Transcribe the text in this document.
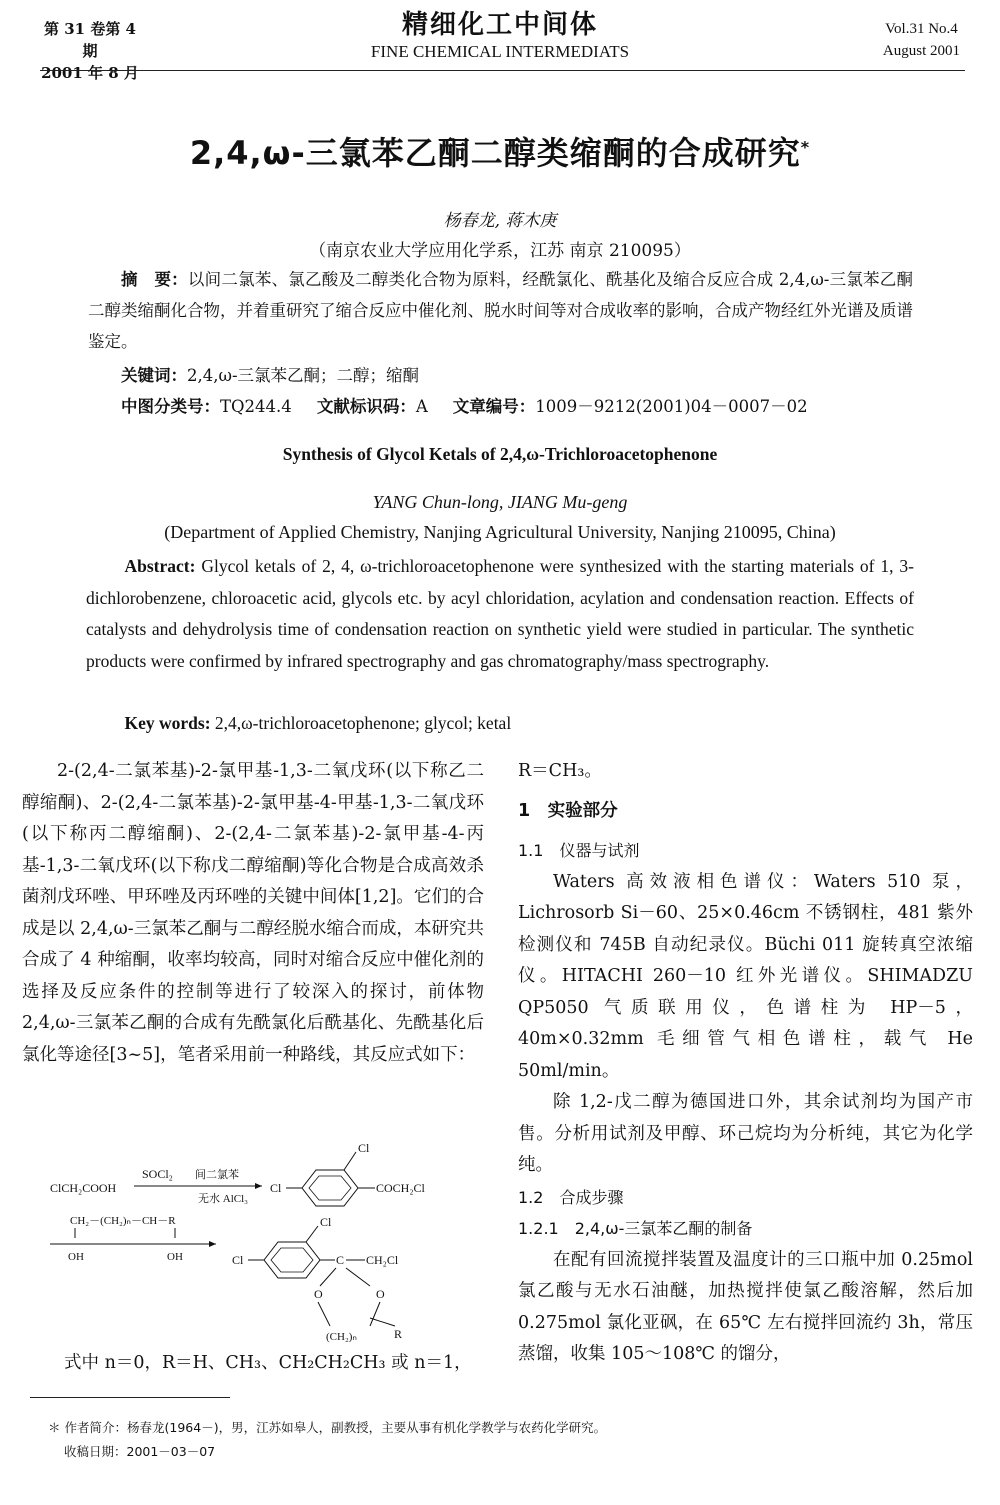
第 31 卷第 4 期
2001 年 8 月
精细化工中间体
FINE CHEMICAL INTERMEDIATS
Vol.31 No.4
August 2001
2,4,ω-三氯苯乙酮二醇类缩酮的合成研究*
杨春龙, 蒋木庚
（南京农业大学应用化学系，江苏 南京 210095）
摘　要：以间二氯苯、氯乙酸及二醇类化合物为原料，经酰氯化、酰基化及缩合反应合成 2,4,ω-三氯苯乙酮二醇类缩酮化合物，并着重研究了缩合反应中催化剂、脱水时间等对合成收率的影响，合成产物经红外光谱及质谱鉴定。
关键词：2,4,ω-三氯苯乙酮；二醇；缩酮
中图分类号：TQ244.4 文献标识码：A 文章编号：1009－9212(2001)04－0007－02
Synthesis of Glycol Ketals of 2,4,ω-Trichloroacetophenone
YANG Chun-long, JIANG Mu-geng
(Department of Applied Chemistry, Nanjing Agricultural University, Nanjing 210095, China)
Abstract: Glycol ketals of 2, 4, ω-trichloroacetophenone were synthesized with the starting materials of 1, 3-dichlorobenzene, chloroacetic acid, glycols etc. by acyl chloridation, acylation and condensation reaction. Effects of catalysts and dehydrolysis time of condensation reaction on synthetic yield were studied in particular. The synthetic products were confirmed by infrared spectrography and gas chromatography/mass spectrography.
Key words: 2,4,ω-trichloroacetophenone; glycol; ketal

2-(2,4-二氯苯基)-2-氯甲基-1,3-二氧戊环(以下称乙二醇缩酮)、2-(2,4-二氯苯基)-2-氯甲基-4-甲基-1,3-二氧戊环(以下称丙二醇缩酮)、2-(2,4-二氯苯基)-2-氯甲基-4-丙基-1,3-二氧戊环(以下称戊二醇缩酮)等化合物是合成高效杀菌剂戊环唑、甲环唑及丙环唑的关键中间体[1,2]。它们的合成是以 2,4,ω-三氯苯乙酮与二醇经脱水缩合而成，本研究共合成了 4 种缩酮，收率均较高，同时对缩合反应中催化剂的选择及反应条件的控制等进行了较深入的探讨，前体物 2,4,ω-三氯苯乙酮的合成有先酰氯化后酰基化、先酰基化后氯化等途径[3~5]，笔者采用前一种路线，其反应式如下：

ClCH₂COOH
SOCl₂ 间二氯苯
无水 AlCl₃
Cl
Cl
COCH₂Cl
CH₂－(CH₂)ₙ－CH－R
OH	OH	Cl
Cl
C CH₂Cl
O	O
(CH₂)ₙ	R
式中 n＝0，R＝H、CH₃、CH₂CH₂CH₃ 或 n＝1，

R＝CH₃。

1　实验部分

1.1　仪器与试剂

Waters 高效液相色谱仪：Waters 510 泵，Lichrosorb Si－60、25×0.46cm 不锈钢柱，481 紫外检测仪和 745B 自动纪录仪。Büchi 011 旋转真空浓缩仪。HITACHI 260－10 红外光谱仪。SHIMADZU QP5050 气质联用仪，色谱柱为 HP－5，40m×0.32mm 毛细管气相色谱柱，载气 He 50ml/min。

除 1,2-戊二醇为德国进口外，其余试剂均为国产市售。分析用试剂及甲醇、环己烷均为分析纯，其它为化学纯。

1.2　合成步骤

1.2.1　2,4,ω-三氯苯乙酮的制备

在配有回流搅拌装置及温度计的三口瓶中加 0.25mol 氯乙酸与无水石油醚，加热搅拌使氯乙酸溶解，然后加 0.275mol 氯化亚砜，在 65℃ 左右搅拌回流约 3h，常压蒸馏，收集 105～108℃ 的馏分，

＊ 作者简介：杨春龙(1964－)，男，江苏如皋人，副教授，主要从事有机化学教学与农药化学研究。
收稿日期：2001－03－07
